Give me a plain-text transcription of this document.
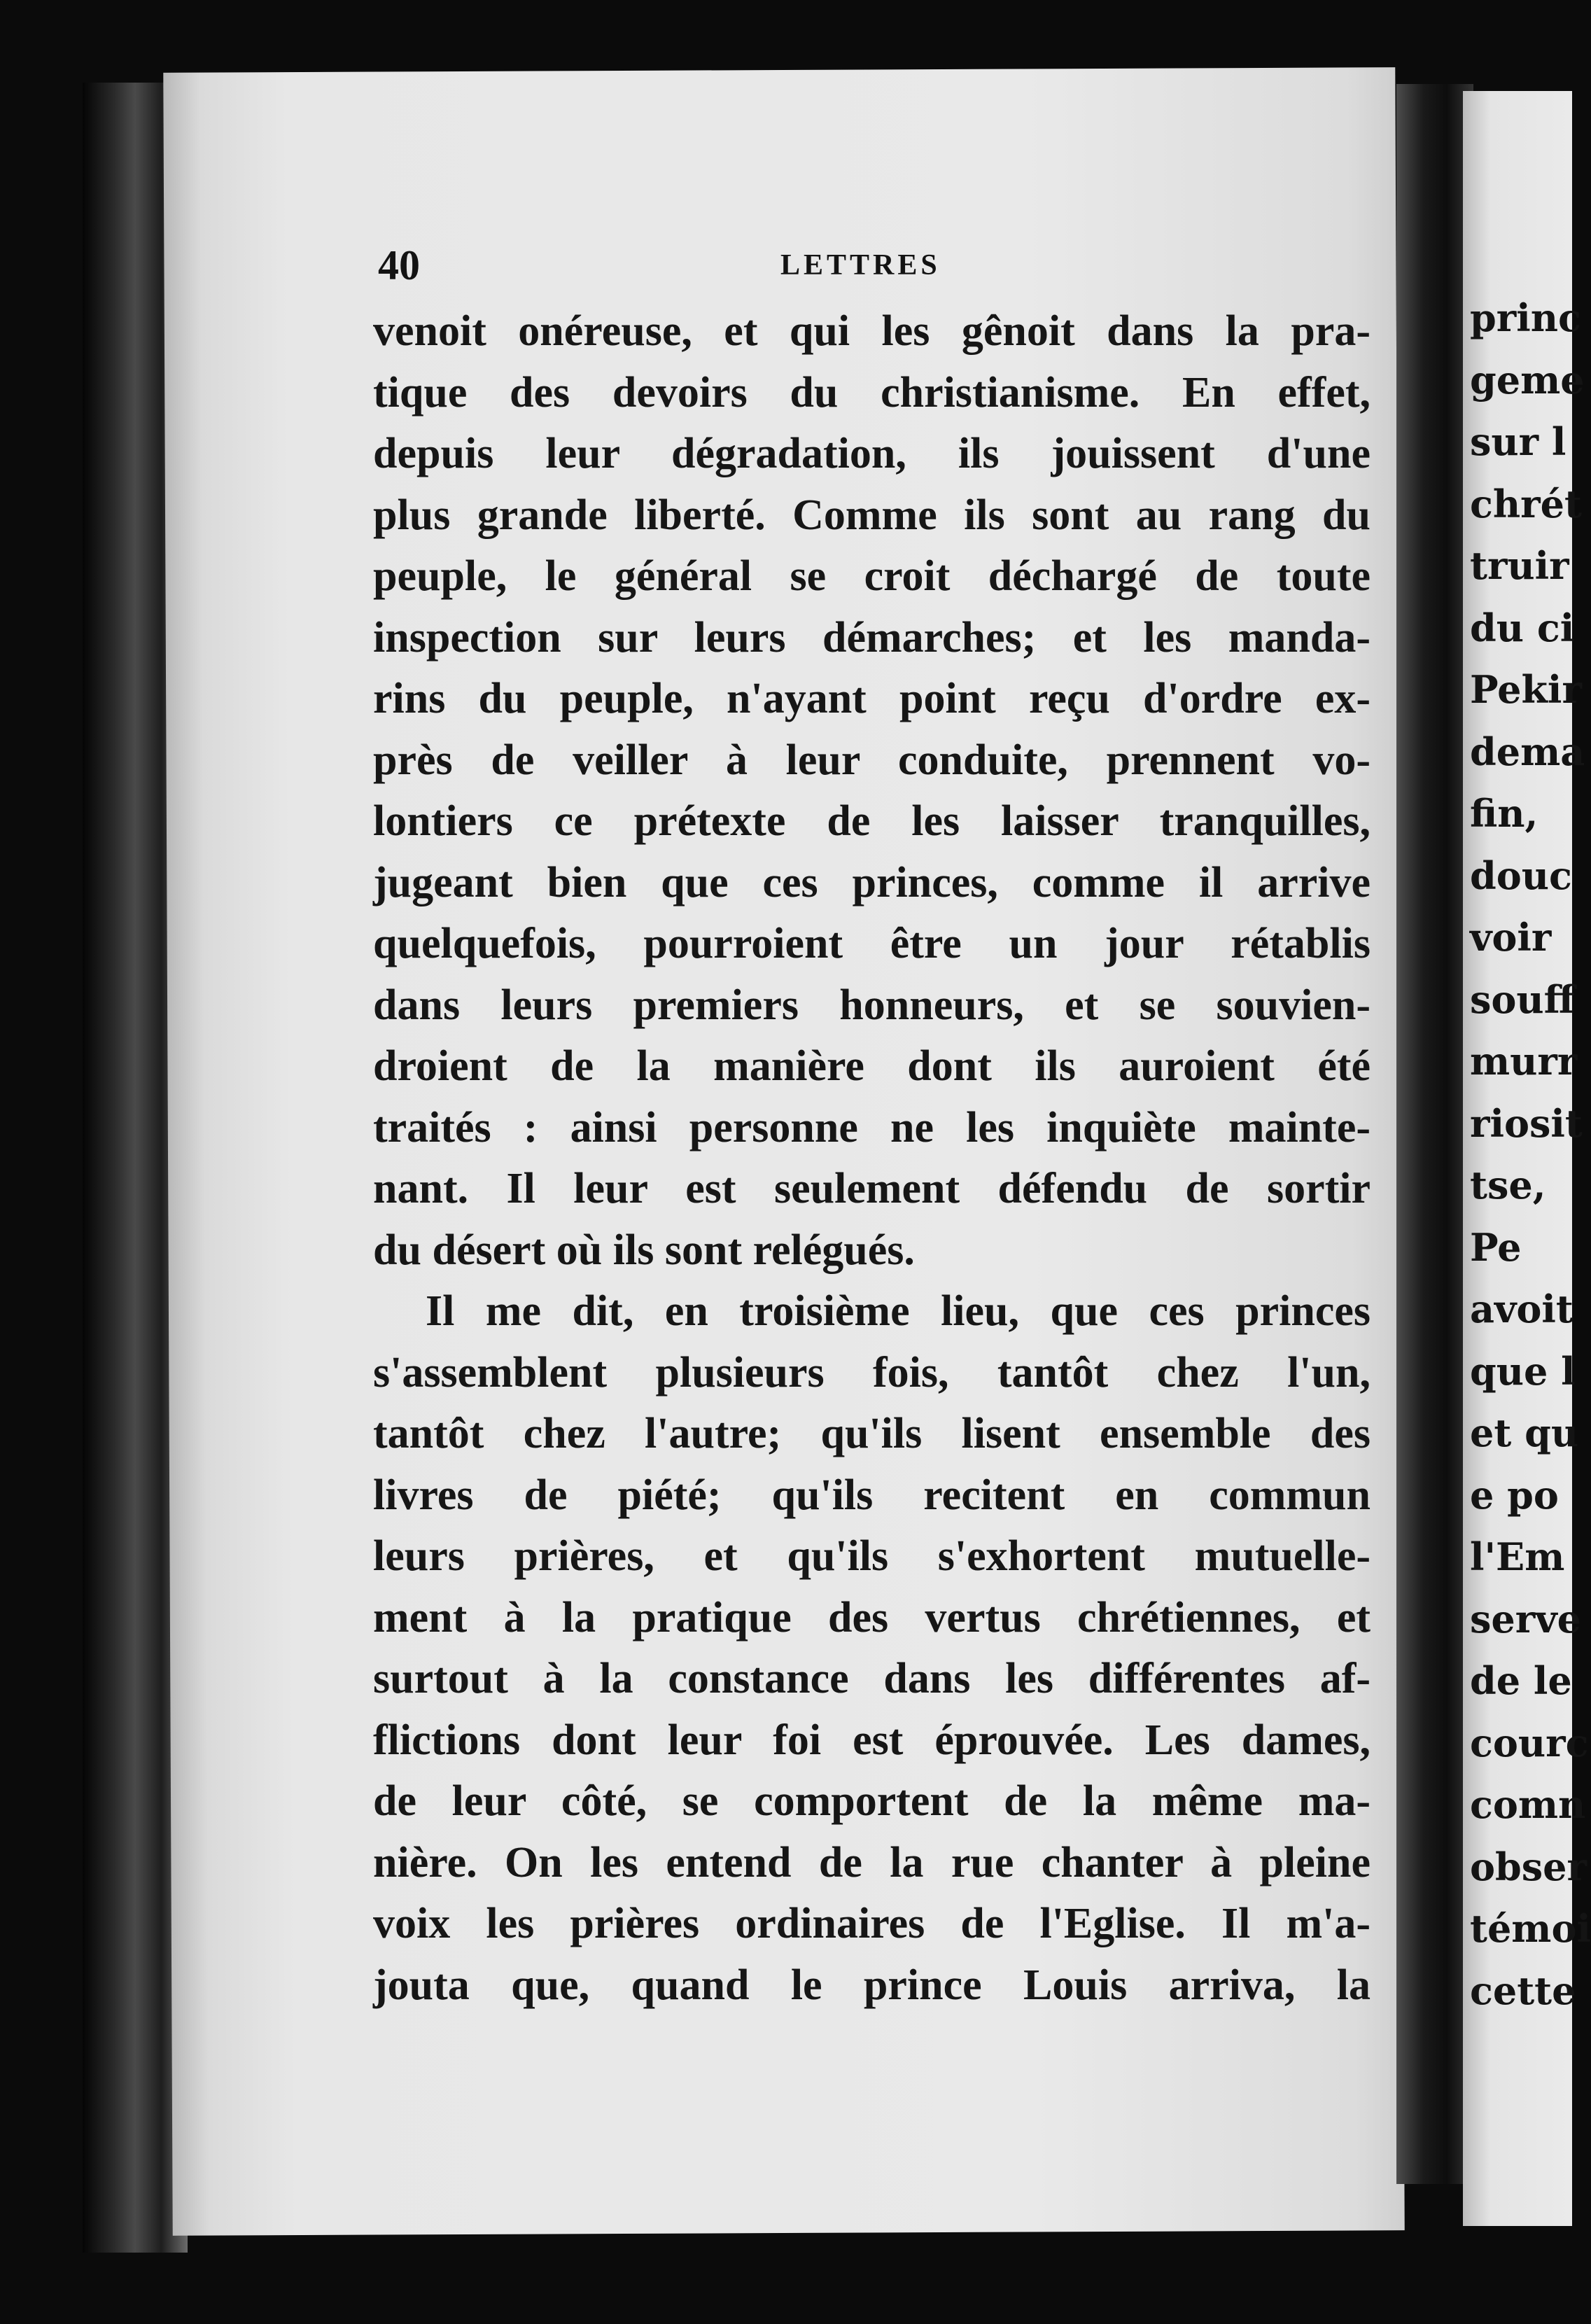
princ
geme
sur l
chrét
truir
du ci
Pekir
dema
fin,
douc
voir
souff
murr
riosit
tse,
Pe
avoit
que l
et qu
e po
l'Em
serve
de le
courc
comn
obser
témoi
cette
40	LETTRES
venoit onéreuse, et qui les gênoit dans la pra-
tique des devoirs du christianisme. En effet,
depuis leur dégradation, ils jouissent d'une
plus grande liberté. Comme ils sont au rang du
peuple, le général se croit déchargé de toute
inspection sur leurs démarches; et les manda-
rins du peuple, n'ayant point reçu d'ordre ex-
près de veiller à leur conduite, prennent vo-
lontiers ce prétexte de les laisser tranquilles,
jugeant bien que ces princes, comme il arrive
quelquefois, pourroient être un jour rétablis
dans leurs premiers honneurs, et se souvien-
droient de la manière dont ils auroient été
traités : ainsi personne ne les inquiète mainte-
nant. Il leur est seulement défendu de sortir
du désert où ils sont relégués.
Il me dit, en troisième lieu, que ces princes
s'assemblent plusieurs fois, tantôt chez l'un,
tantôt chez l'autre; qu'ils lisent ensemble des
livres de piété; qu'ils recitent en commun
leurs prières, et qu'ils s'exhortent mutuelle-
ment à la pratique des vertus chrétiennes, et
surtout à la constance dans les différentes af-
flictions dont leur foi est éprouvée. Les dames,
de leur côté, se comportent de la même ma-
nière. On les entend de la rue chanter à pleine
voix les prières ordinaires de l'Eglise. Il m'a-
jouta que, quand le prince Louis arriva, la
